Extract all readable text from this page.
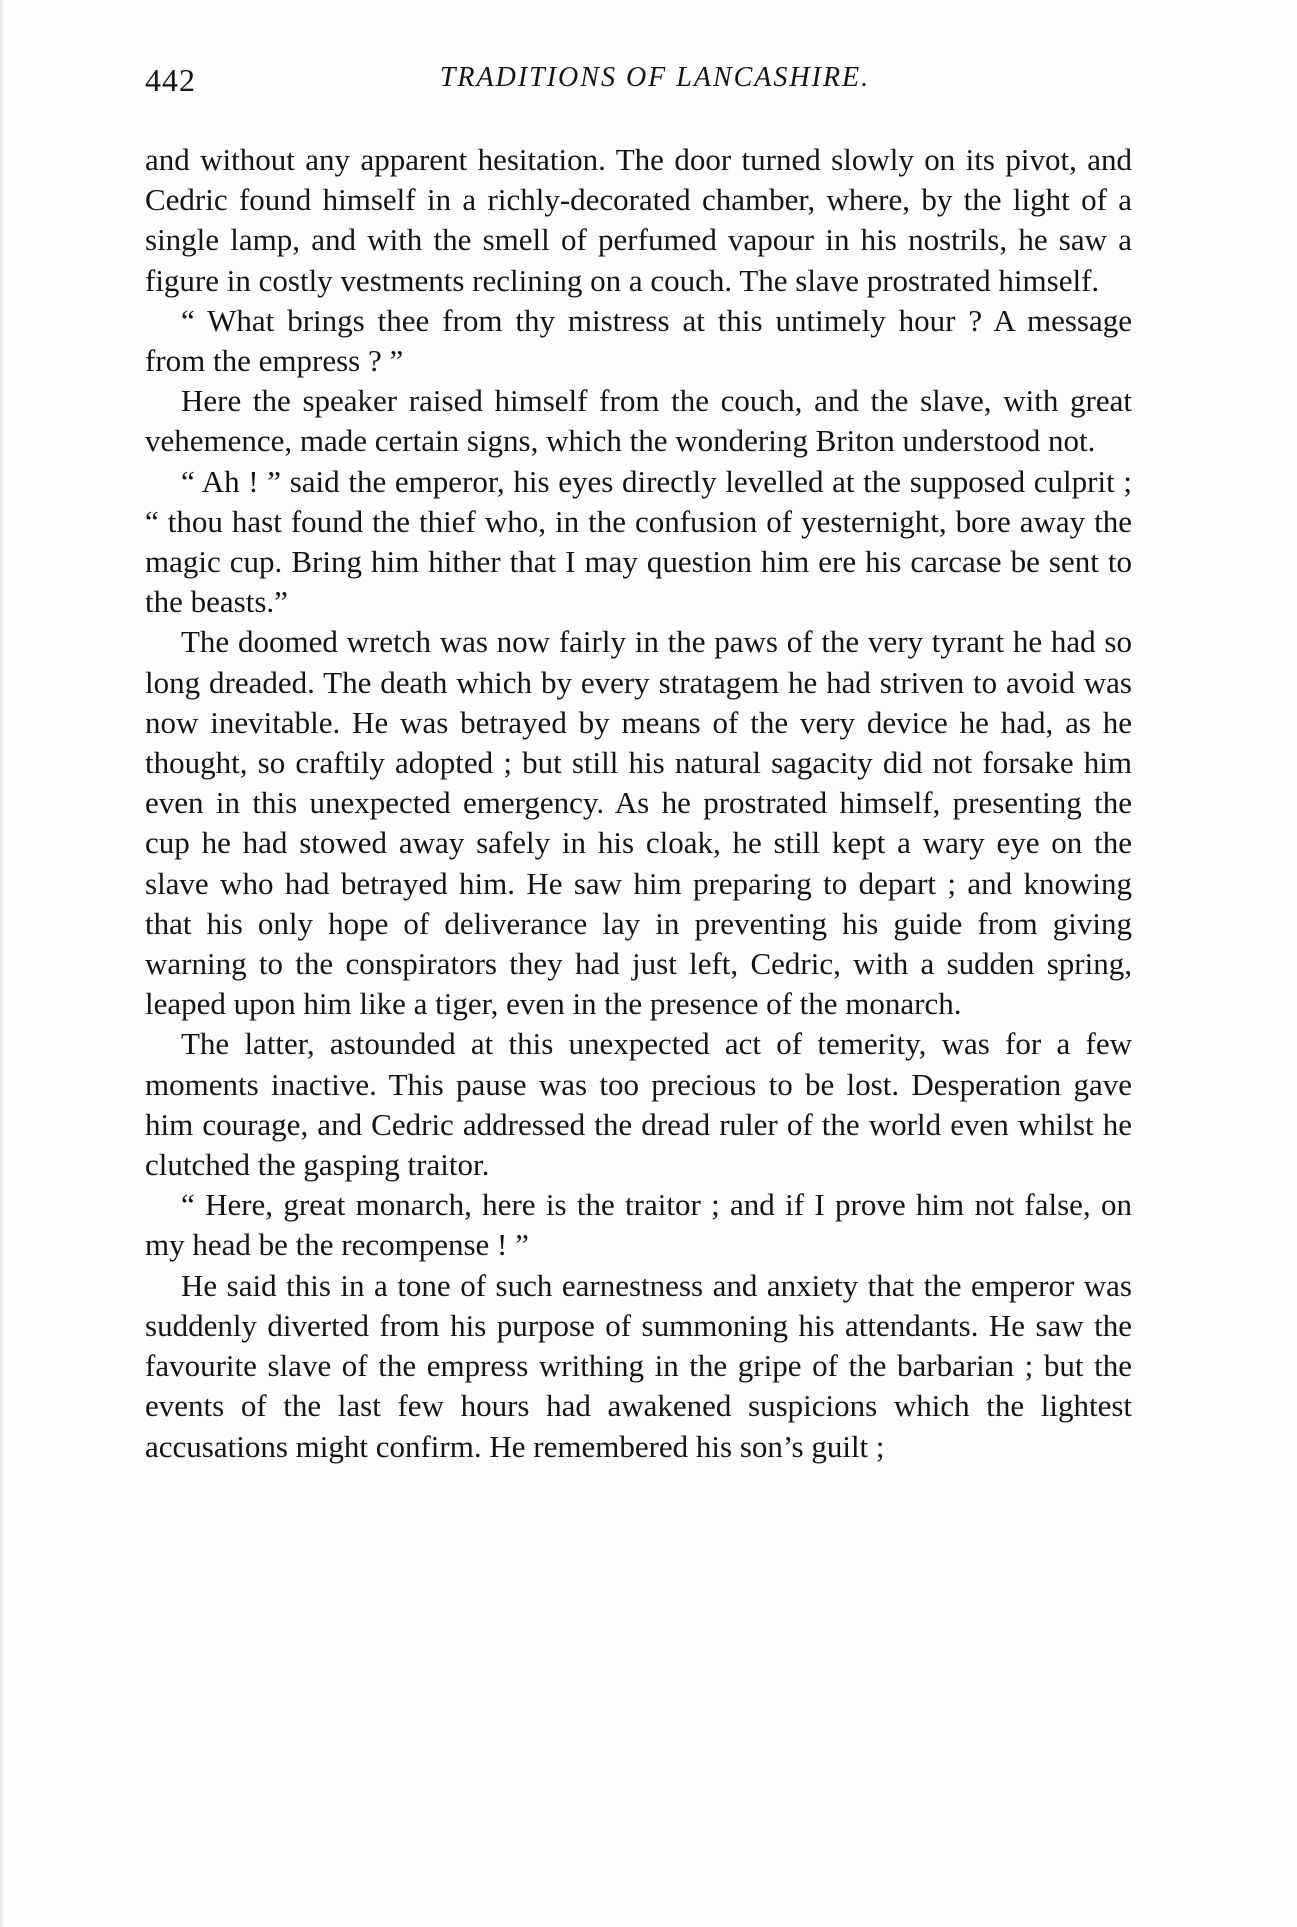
442	TRADITIONS OF LANCASHIRE.

and without any apparent hesitation. The door turned slowly on its pivot, and Cedric found himself in a richly-decorated chamber, where, by the light of a single lamp, and with the smell of perfumed vapour in his nostrils, he saw a figure in costly vestments reclining on a couch. The slave prostrated himself.

“ What brings thee from thy mistress at this untimely hour ? A message from the empress ? ”

Here the speaker raised himself from the couch, and the slave, with great vehemence, made certain signs, which the wondering Briton understood not.

“ Ah ! ” said the emperor, his eyes directly levelled at the supposed culprit ; “ thou hast found the thief who, in the confusion of yesternight, bore away the magic cup. Bring him hither that I may question him ere his carcase be sent to the beasts.”

The doomed wretch was now fairly in the paws of the very tyrant he had so long dreaded. The death which by every stratagem he had striven to avoid was now inevitable. He was betrayed by means of the very device he had, as he thought, so craftily adopted ; but still his natural sagacity did not forsake him even in this unexpected emergency. As he prostrated himself, presenting the cup he had stowed away safely in his cloak, he still kept a wary eye on the slave who had betrayed him. He saw him preparing to depart ; and knowing that his only hope of deliverance lay in preventing his guide from giving warning to the conspirators they had just left, Cedric, with a sudden spring, leaped upon him like a tiger, even in the presence of the monarch.

The latter, astounded at this unexpected act of temerity, was for a few moments inactive. This pause was too precious to be lost. Desperation gave him courage, and Cedric addressed the dread ruler of the world even whilst he clutched the gasping traitor.

“ Here, great monarch, here is the traitor ; and if I prove him not false, on my head be the recompense ! ”

He said this in a tone of such earnestness and anxiety that the emperor was suddenly diverted from his purpose of summoning his attendants. He saw the favourite slave of the empress writhing in the gripe of the barbarian ; but the events of the last few hours had awakened suspicions which the lightest accusations might confirm. He remembered his son’s guilt ;
